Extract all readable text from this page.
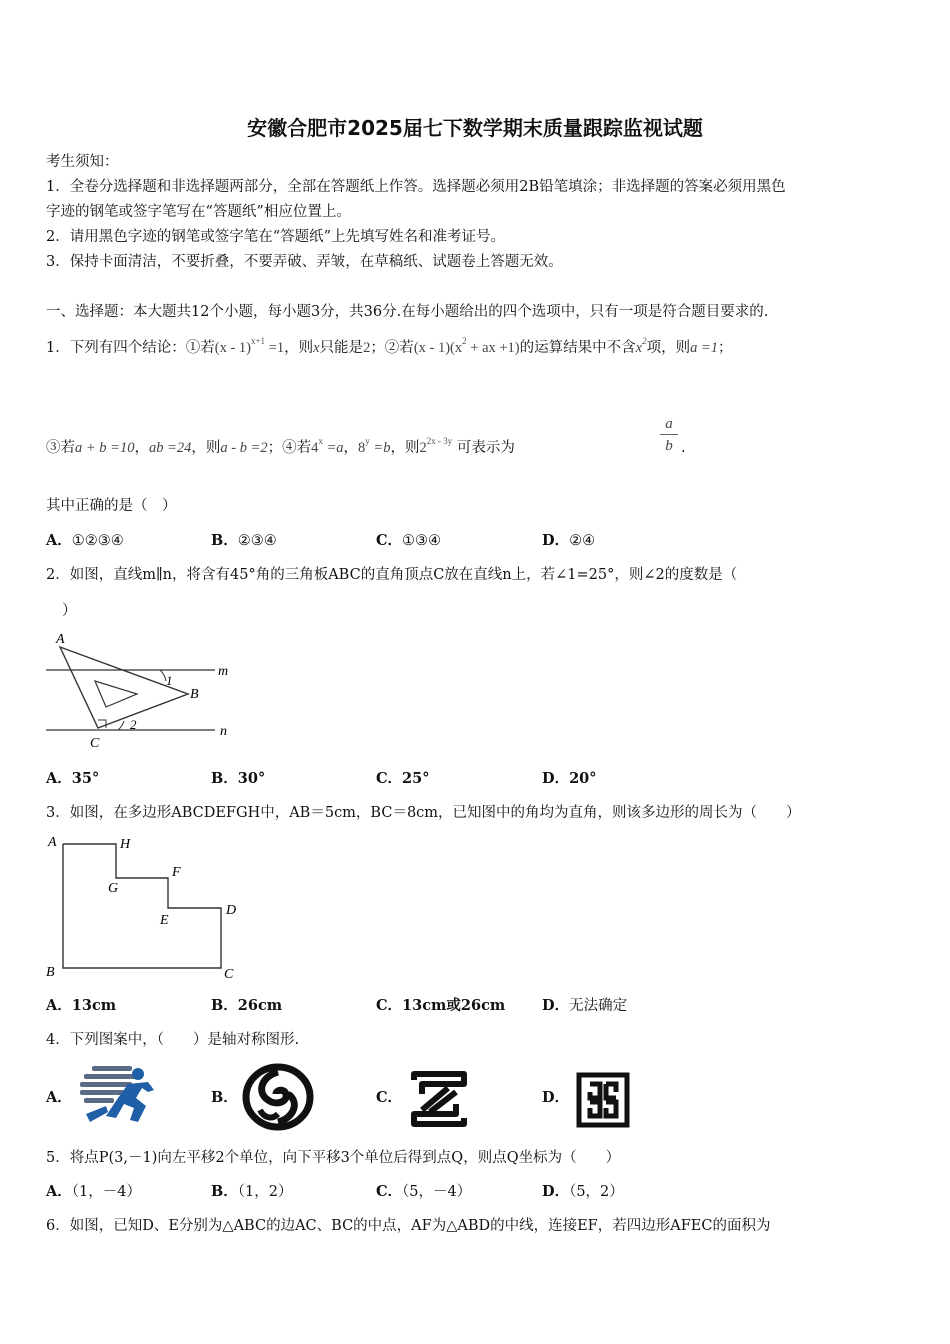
安徽合肥市2025届七下数学期末质量跟踪监视试题
考生须知：
1．全卷分选择题和非选择题两部分，全部在答题纸上作答。选择题必须用2B铅笔填涂；非选择题的答案必须用黑色
字迹的钢笔或签字笔写在“答题纸”相应位置上。
2．请用黑色字迹的钢笔或签字笔在“答题纸”上先填写姓名和准考证号。
3．保持卡面清洁，不要折叠，不要弄破、弄皱，在草稿纸、试题卷上答题无效。
一、选择题：本大题共12个小题，每小题3分，共36分.在每小题给出的四个选项中，只有一项是符合题目要求的.
1．下列有四个结论：①若(x - 1)$^{x+1}$ =1，则x只能是2；②若$(x - 1)(x^2$ + ax +1)的运算结果中不含$x^2$项，则a =1；
③若a + b =10，ab =24，则a - b =2；④若$4^x =a$，$8^y =b$，则$2^{2x - 3y}$ 可表示为	$\frac{a}{b}$ .
其中正确的是（　）
A．①②③④	B．②③④	C．①③④	D．②④
2．如图，直线m∥n，将含有45°角的三角板ABC的直角顶点C放在直线n上，若∠1=25°，则∠2的度数是（
）
A
B
C
m
n
1
2
A．35°	B．30°	C．25°	D．20°
3．如图，在多边形ABCDEFGH中，AB＝5cm，BC＝8cm，已知图中的角均为直角，则该多边形的周长为（　　）
A	H
G
F
E
D
B	C
A．13cm	B．26cm	C．13cm或26cm	D．无法确定
4．下列图案中，（　　）是轴对称图形.
A．	B．	C．	D．
5．将点P(3,－1)向左平移2个单位，向下平移3个单位后得到点Q，则点Q坐标为（　　）
A．（1，－4）	B．（1，2）	C．（5，－4）	D．（5，2）
6．如图，已知D、E分别为△ABC的边AC、BC的中点，AF为△ABD的中线，连接EF，若四边形AFEC的面积为
